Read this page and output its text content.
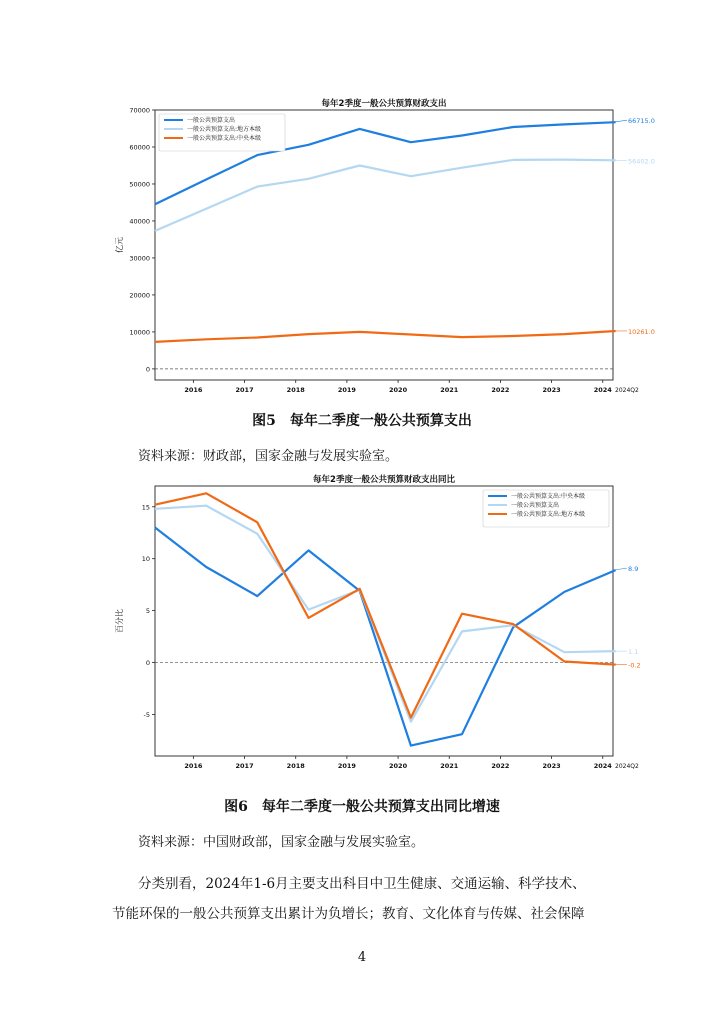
每年2季度一般公共预算财政支出
亿元
0
10000
20000
30000
40000
50000
60000
70000
2016	2017	2018	2019	2020	2021	2022	2023	2024 2024Q2
66715.0
56402.0
10261.0
一般公共预算支出
一般公共预算支出:地方本级
一般公共预算支出:中央本级
图5　每年二季度一般公共预算支出
资料来源：财政部，国家金融与发展实验室。
每年2季度一般公共预算财政支出同比
百分比
-5
0
5
10
15
2016	2017	2018	2019	2020	2021	2022	2023	2024 2024Q2
8.9
1.1
-0.2
一般公共预算支出:中央本级
一般公共预算支出
一般公共预算支出:地方本级
图6　每年二季度一般公共预算支出同比增速
资料来源：中国财政部，国家金融与发展实验室。

分类别看，2024年1-6月主要支出科目中卫生健康、交通运输、科学技术、

节能环保的一般公共预算支出累计为负增长；教育、文化体育与传媒、社会保障

4
